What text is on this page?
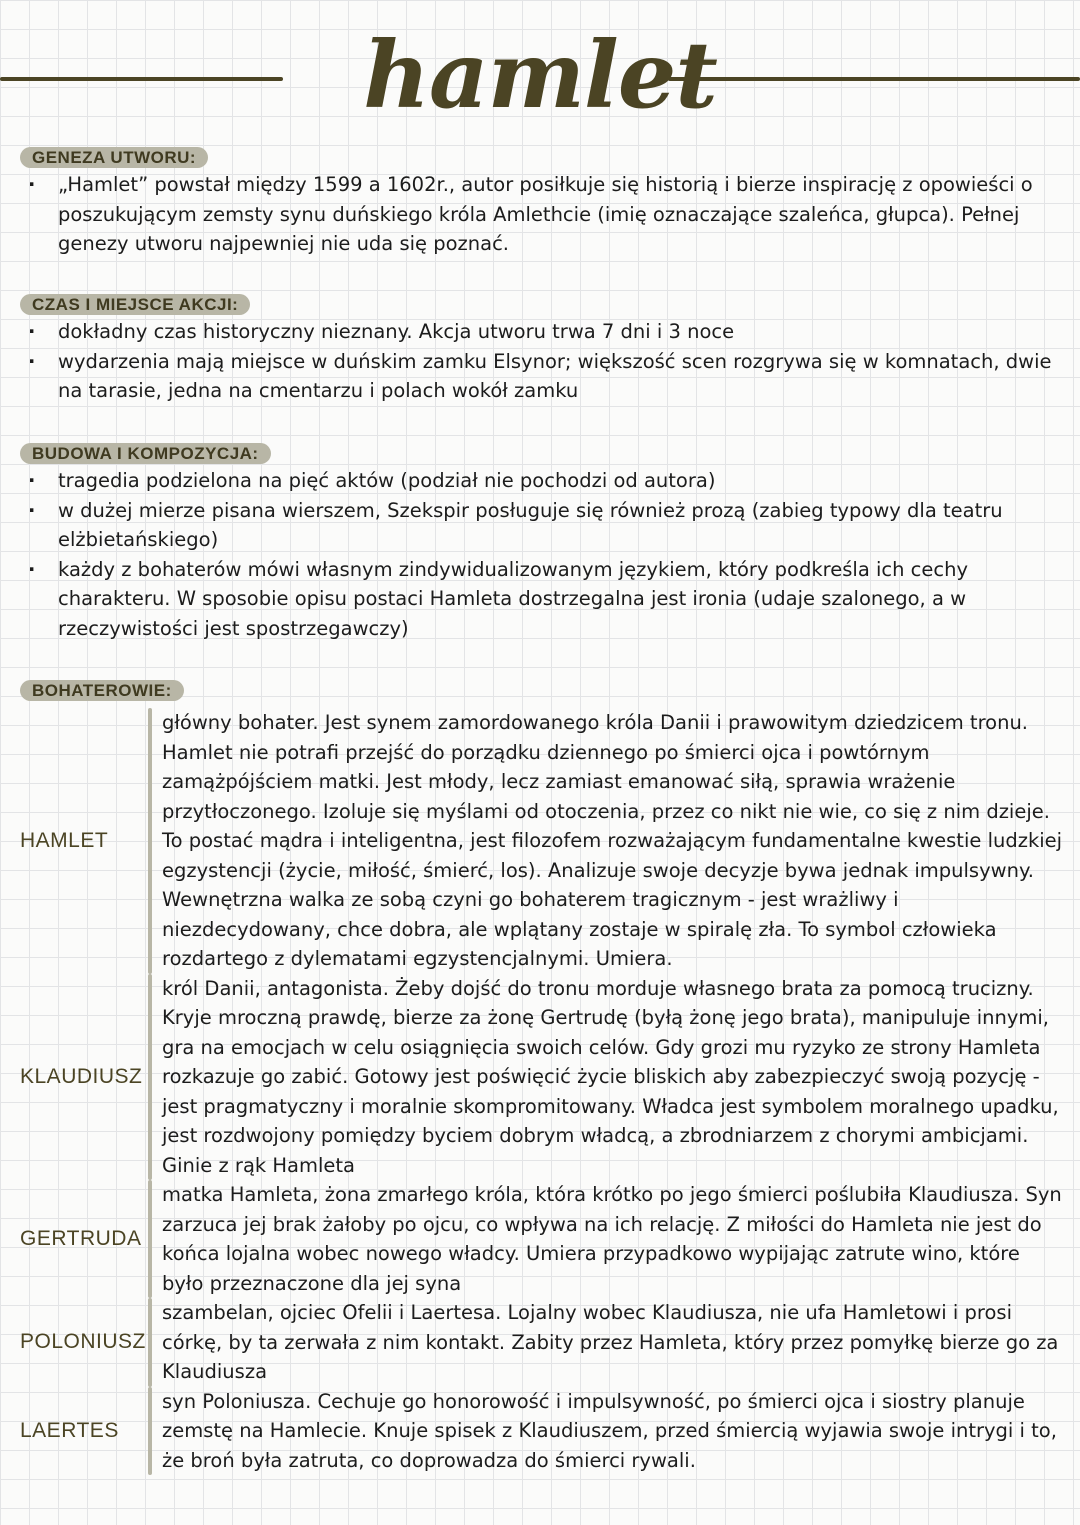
hamlet
GENEZA UTWORU:
· „Hamlet” powstał między 1599 a 1602r., autor posiłkuje się historią i bierze inspirację z opowieści o poszukującym zemsty synu duńskiego króla Amlethcie (imię oznaczające szaleńca, głupca). Pełnej genezy utworu najpewniej nie uda się poznać.
CZAS I MIEJSCE AKCJI:
· dokładny czas historyczny nieznany. Akcja utworu trwa 7 dni i 3 noce
· wydarzenia mają miejsce w duńskim zamku Elsynor; większość scen rozgrywa się w komnatach, dwie na tarasie, jedna na cmentarzu i polach wokół zamku
BUDOWA I KOMPOZYCJA:
· tragedia podzielona na pięć aktów (podział nie pochodzi od autora)
· w dużej mierze pisana wierszem, Szekspir posługuje się również prozą (zabieg typowy dla teatru elżbietańskiego)
· każdy z bohaterów mówi własnym zindywidualizowanym językiem, który podkreśla ich cechy charakteru. W sposobie opisu postaci Hamleta dostrzegalna jest ironia (udaje szalonego, a w rzeczywistości jest spostrzegawczy)
BOHATEROWIE:
HAMLET
główny bohater. Jest synem zamordowanego króla Danii i prawowitym dziedzicem tronu. Hamlet nie potrafi przejść do porządku dziennego po śmierci ojca i powtórnym zamążpójściem matki. Jest młody, lecz zamiast emanować siłą, sprawia wrażenie przytłoczonego. Izoluje się myślami od otoczenia, przez co nikt nie wie, co się z nim dzieje. To postać mądra i inteligentna, jest filozofem rozważającym fundamentalne kwestie ludzkiej egzystencji (życie, miłość, śmierć, los). Analizuje swoje decyzje bywa jednak impulsywny. Wewnętrzna walka ze sobą czyni go bohaterem tragicznym - jest wrażliwy i niezdecydowany, chce dobra, ale wplątany zostaje w spiralę zła. To symbol człowieka rozdartego z dylematami egzystencjalnymi. Umiera.
KLAUDIUSZ
król Danii, antagonista. Żeby dojść do tronu morduje własnego brata za pomocą trucizny. Kryje mroczną prawdę, bierze za żonę Gertrudę (byłą żonę jego brata), manipuluje innymi, gra na emocjach w celu osiągnięcia swoich celów. Gdy grozi mu ryzyko ze strony Hamleta rozkazuje go zabić. Gotowy jest poświęcić życie bliskich aby zabezpieczyć swoją pozycję - jest pragmatyczny i moralnie skompromitowany. Władca jest symbolem moralnego upadku, jest rozdwojony pomiędzy byciem dobrym władcą, a zbrodniarzem z chorymi ambicjami. Ginie z rąk Hamleta
GERTRUDA
matka Hamleta, żona zmarłego króla, która krótko po jego śmierci poślubiła Klaudiusza. Syn zarzuca jej brak żałoby po ojcu, co wpływa na ich relację. Z miłości do Hamleta nie jest do końca lojalna wobec nowego władcy. Umiera przypadkowo wypijając zatrute wino, które było przeznaczone dla jej syna
POLONIUSZ
szambelan, ojciec Ofelii i Laertesa. Lojalny wobec Klaudiusza, nie ufa Hamletowi i prosi córkę, by ta zerwała z nim kontakt. Zabity przez Hamleta, który przez pomyłkę bierze go za Klaudiusza
LAERTES
syn Poloniusza. Cechuje go honorowość i impulsywność, po śmierci ojca i siostry planuje zemstę na Hamlecie. Knuje spisek z Klaudiuszem, przed śmiercią wyjawia swoje intrygi i to, że broń była zatruta, co doprowadza do śmierci rywali.
